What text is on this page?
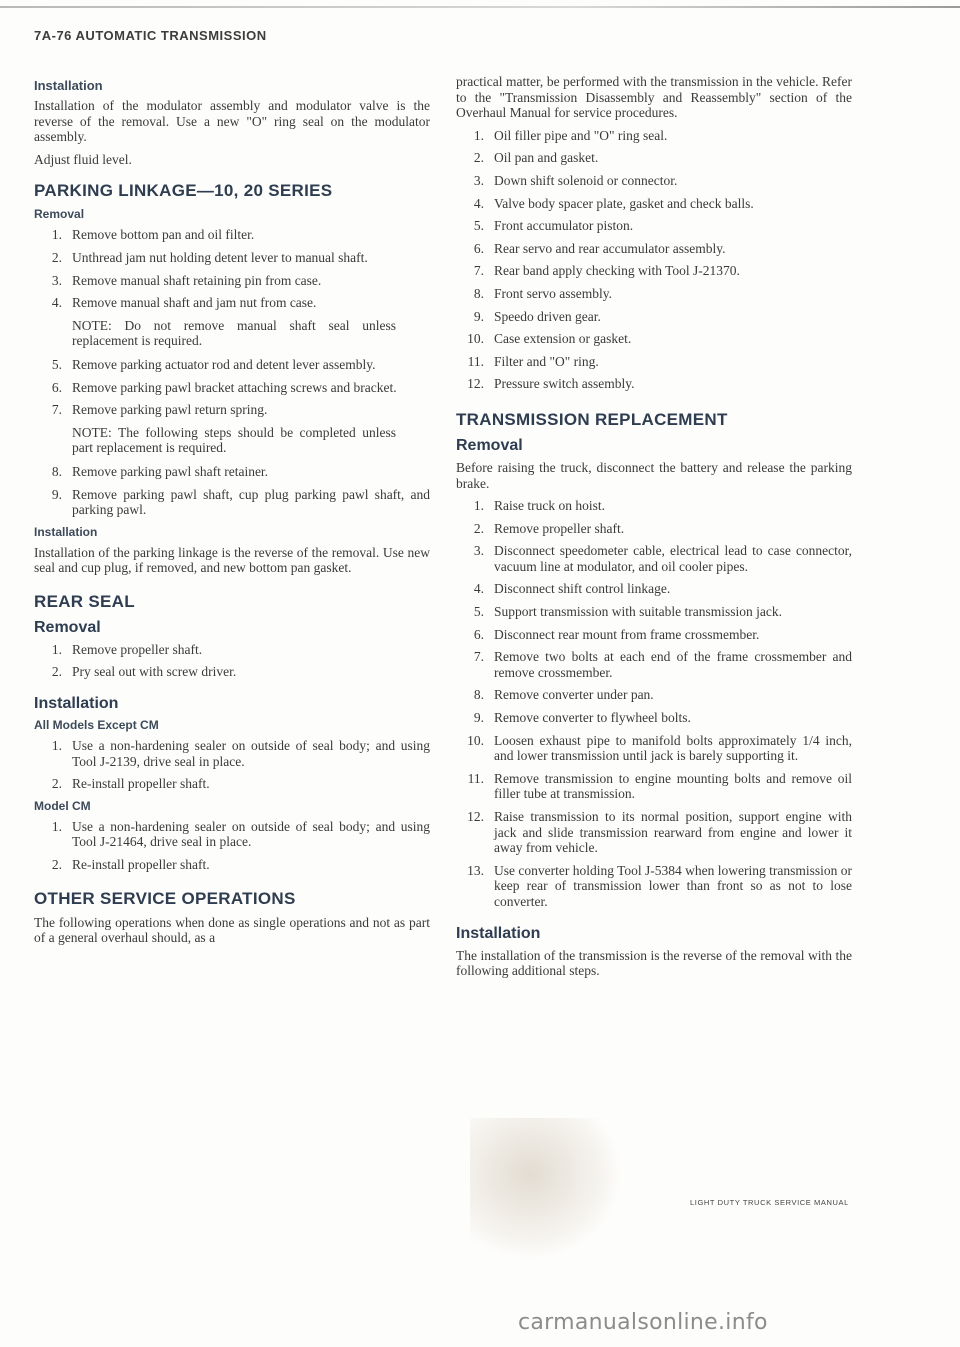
7A-76 AUTOMATIC TRANSMISSION
Installation

Installation of the modulator assembly and modulator valve is the reverse of the removal. Use a new "O" ring seal on the modulator assembly.

Adjust fluid level.

PARKING LINKAGE—10, 20 SERIES
Removal
1. Remove bottom pan and oil filter.
2. Unthread jam nut holding detent lever to manual shaft.
3. Remove manual shaft retaining pin from case.
4. Remove manual shaft and jam nut from case.

NOTE: Do not remove manual shaft seal unless replacement is required.

5. Remove parking actuator rod and detent lever assembly.
6. Remove parking pawl bracket attaching screws and bracket.
7. Remove parking pawl return spring.

NOTE: The following steps should be completed unless part replacement is required.

8. Remove parking pawl shaft retainer.
9. Remove parking pawl shaft, cup plug parking pawl shaft, and parking pawl.
Installation

Installation of the parking linkage is the reverse of the removal. Use new seal and cup plug, if removed, and new bottom pan gasket.

REAR SEAL
Removal
1. Remove propeller shaft.
2. Pry seal out with screw driver.
Installation
All Models Except CM
1. Use a non-hardening sealer on outside of seal body; and using Tool J-2139, drive seal in place.
2. Re-install propeller shaft.
Model CM
1. Use a non-hardening sealer on outside of seal body; and using Tool J-21464, drive seal in place.
2. Re-install propeller shaft.
OTHER SERVICE OPERATIONS

The following operations when done as single operations and not as part of a general overhaul should, as a

practical matter, be performed with the transmission in the vehicle. Refer to the "Transmission Disassembly and Reassembly" section of the Overhaul Manual for service procedures.

1. Oil filler pipe and "O" ring seal.
2. Oil pan and gasket.
3. Down shift solenoid or connector.
4. Valve body spacer plate, gasket and check balls.
5. Front accumulator piston.
6. Rear servo and rear accumulator assembly.
7. Rear band apply checking with Tool J-21370.
8. Front servo assembly.
9. Speedo driven gear.
10. Case extension or gasket.
11. Filter and "O" ring.
12. Pressure switch assembly.
TRANSMISSION REPLACEMENT
Removal

Before raising the truck, disconnect the battery and release the parking brake.

1. Raise truck on hoist.
2. Remove propeller shaft.
3. Disconnect speedometer cable, electrical lead to case connector, vacuum line at modulator, and oil cooler pipes.
4. Disconnect shift control linkage.
5. Support transmission with suitable transmission jack.
6. Disconnect rear mount from frame crossmember.
7. Remove two bolts at each end of the frame crossmember and remove crossmember.
8. Remove converter under pan.
9. Remove converter to flywheel bolts.
10. Loosen exhaust pipe to manifold bolts approximately 1/4 inch, and lower transmission until jack is barely supporting it.
11. Remove transmission to engine mounting bolts and remove oil filler tube at transmission.
12. Raise transmission to its normal position, support engine with jack and slide transmission rearward from engine and lower it away from vehicle.
13. Use converter holding Tool J-5384 when lowering transmission or keep rear of transmission lower than front so as not to lose converter.
Installation

The installation of the transmission is the reverse of the removal with the following additional steps.

LIGHT DUTY TRUCK SERVICE MANUAL
carmanualsonline.info
